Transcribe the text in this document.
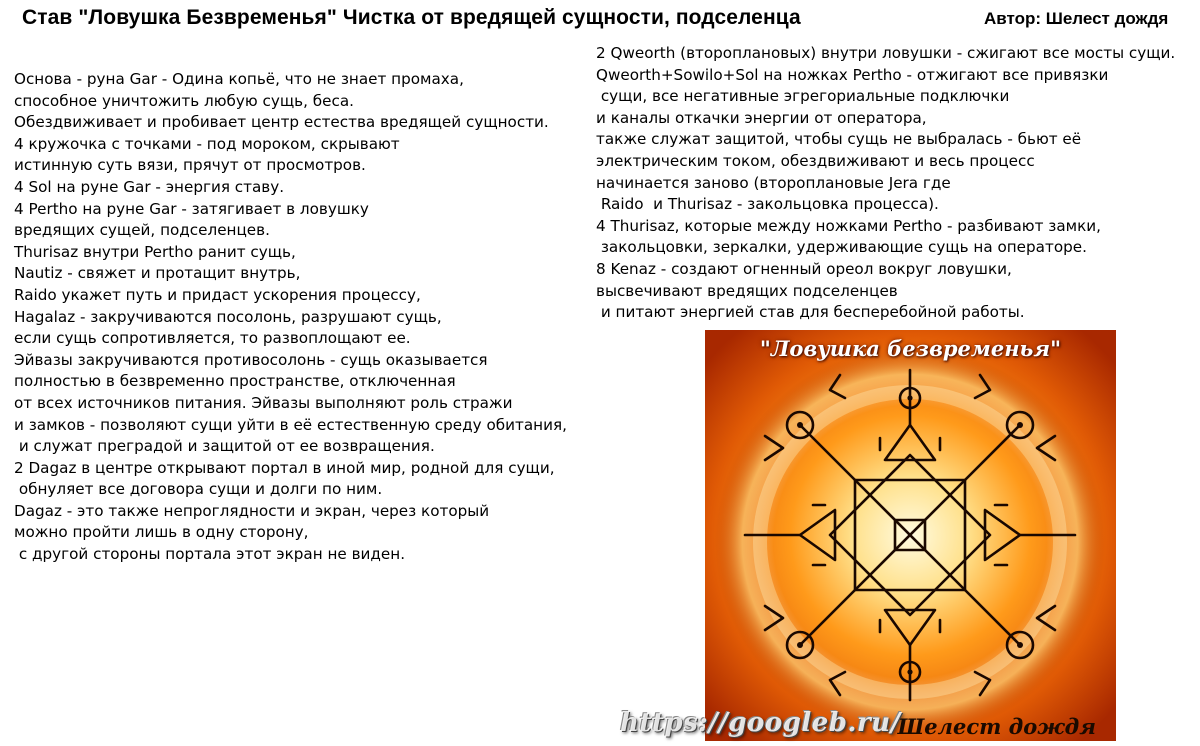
Став "Ловушка Безвременья" Чистка от вредящей сущности, подселенца	Автор: Шелест дождя
Основа - руна Gar - Одина копьё, что не знает промаха,
способное уничтожить любую сущь, беса.
Обездвиживает и пробивает центр естества вредящей сущности.
4 кружочка с точками - под мороком, скрывают
истинную суть вязи, прячут от просмотров.
4 Sol на руне Gar - энергия ставу.
4 Pertho на руне Gar - затягивает в ловушку
вредящих сущей, подселенцев.
Thurisaz внутри Pertho ранит сущь,
Nautiz - свяжет и протащит внутрь,
Raido укажет путь и придаст ускорения процессу,
Hagalaz - закручиваются посолонь, разрушают сущь,
если сущь сопротивляется, то развоплощают ее.
Эйвазы закручиваются противосолонь - сущь оказывается
полностью в безвременно пространстве, отключенная
от всех источников питания. Эйвазы выполняют роль стражи
и замков - позволяют сущи уйти в её естественную среду обитания,
и служат преградой и защитой от ее возвращения.
2 Dagaz в центре открывают портал в иной мир, родной для сущи,
обнуляет все договора сущи и долги по ним.
Dagaz - это также непроглядности и экран, через который
можно пройти лишь в одну сторону,
с другой стороны портала этот экран не виден.
2 Qweorth (второплановых) внутри ловушки - сжигают все мосты сущи.
Qweorth+Sowilo+Sol на ножках Pertho - отжигают все привязки
сущи, все негативные эгрегориальные подключки
и каналы откачки энергии от оператора,
также служат защитой, чтобы сущь не выбралась - бьют её
электрическим током, обездвиживают и весь процесс
начинается заново (второплановые Jera где
Raido  и Thurisaz - закольцовка процесса).
4 Thurisaz, которые между ножками Pertho - разбивают замки,
закольцовки, зеркалки, удерживающие сущь на операторе.
8 Kenaz - создают огненный ореол вокруг ловушки,
высвечивают вредящих подселенцев
и питают энергией став для бесперебойной работы.
"Ловушка безвременья"
Шелест дождя
https://googleb.ru/
